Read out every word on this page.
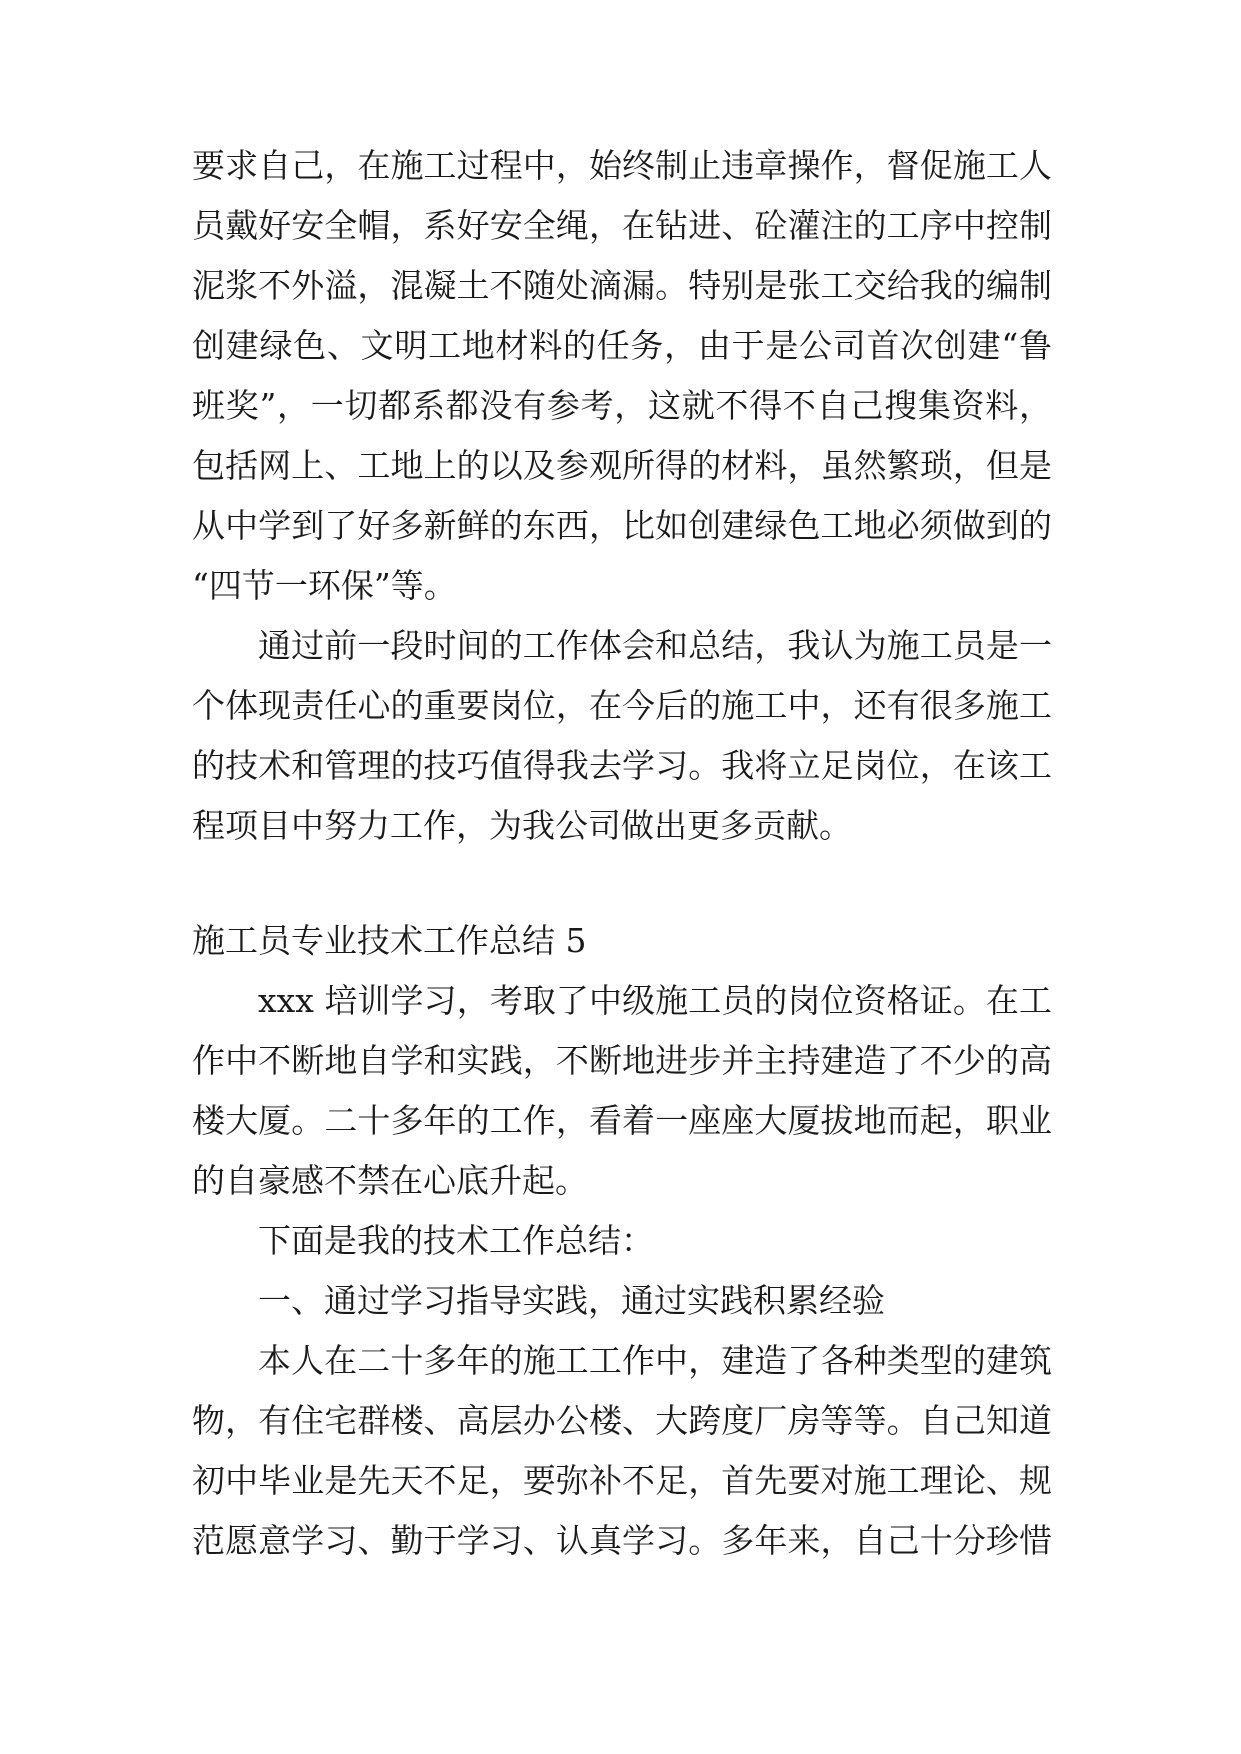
要求自己，在施工过程中，始终制止违章操作，督促施工人

员戴好安全帽，系好安全绳，在钻进、砼灌注的工序中控制

泥浆不外溢，混凝土不随处滴漏。特别是张工交给我的编制

创建绿色、文明工地材料的任务，由于是公司首次创建“鲁

班奖”，一切都系都没有参考，这就不得不自己搜集资料，

包括网上、工地上的以及参观所得的材料，虽然繁琐，但是

从中学到了好多新鲜的东西，比如创建绿色工地必须做到的

“四节一环保”等。

通过前一段时间的工作体会和总结，我认为施工员是一

个体现责任心的重要岗位，在今后的施工中，还有很多施工

的技术和管理的技巧值得我去学习。我将立足岗位，在该工

程项目中努力工作，为我公司做出更多贡献。

施工员专业技术工作总结 5

xxx 培训学习，考取了中级施工员的岗位资格证。在工

作中不断地自学和实践，不断地进步并主持建造了不少的高

楼大厦。二十多年的工作，看着一座座大厦拔地而起，职业

的自豪感不禁在心底升起。

下面是我的技术工作总结：

一、通过学习指导实践，通过实践积累经验

本人在二十多年的施工工作中，建造了各种类型的建筑

物，有住宅群楼、高层办公楼、大跨度厂房等等。自己知道

初中毕业是先天不足，要弥补不足，首先要对施工理论、规

范愿意学习、勤于学习、认真学习。多年来，自己十分珍惜
